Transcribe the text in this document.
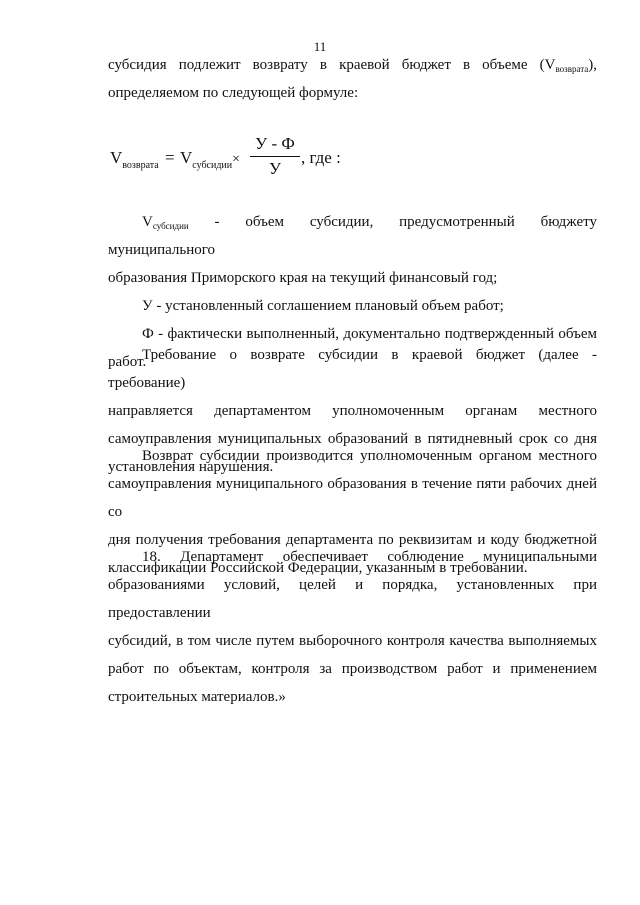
11

субсидия подлежит возврату в краевой бюджет в объеме $(V_{возврата})$,

определяемом по следующей формуле:

$V_{возврата} = V_{субсидии}\times$
У - Ф
У
, где :

$V_{субсидии}$ - объем субсидии, предусмотренный бюджету муниципального

образования Приморского края на текущий финансовый год;

У - установленный соглашением плановый объем работ;

Ф - фактически выполненный, документально подтвержденный объем

работ.

Требование о возврате субсидии в краевой бюджет (далее - требование)

направляется департаментом уполномоченным органам местного

самоуправления муниципальных образований в пятидневный срок со дня

установления нарушения.

Возврат субсидии производится уполномоченным органом местного

самоуправления муниципального образования в течение пяти рабочих дней со

дня получения требования департамента по реквизитам и коду бюджетной

классификации Российской Федерации, указанным в требовании.

18. Департамент обеспечивает соблюдение муниципальными

образованиями условий, целей и порядка, установленных при предоставлении

субсидий, в том числе путем выборочного контроля качества выполняемых

работ по объектам, контроля за производством работ и применением

строительных материалов.»
